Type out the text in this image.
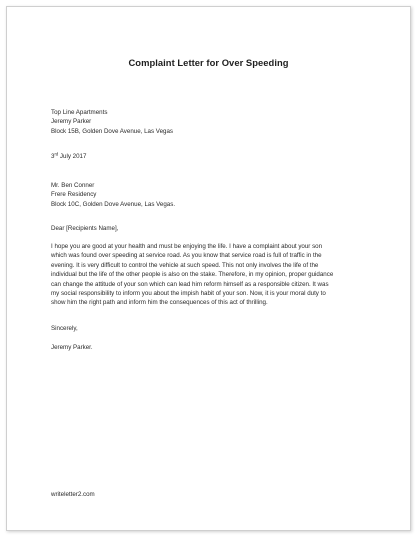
Complaint Letter for Over Speeding
Top Line Apartments
Jeremy Parker
Block 15B, Golden Dove Avenue, Las Vegas
3rd July 2017
Mr. Ben Conner
Frere Residency
Block 10C, Golden Dove Avenue, Las Vegas.
Dear [Recipients Name],
I hope you are good at your health and must be enjoying the life. I have a complaint about your son
which was found over speeding at service road. As you know that service road is full of traffic in the
evening. It is very difficult to control the vehicle at such speed. This not only involves the life of the
individual but the life of the other people is also on the stake. Therefore, in my opinion, proper guidance
can change the attitude of your son which can lead him reform himself as a responsible citizen. It was
my social responsibility to inform you about the impish habit of your son. Now, it is your moral duty to
show him the right path and inform him the consequences of this act of thrilling.
Sincerely,
Jeremy Parker.
writeletter2.com
